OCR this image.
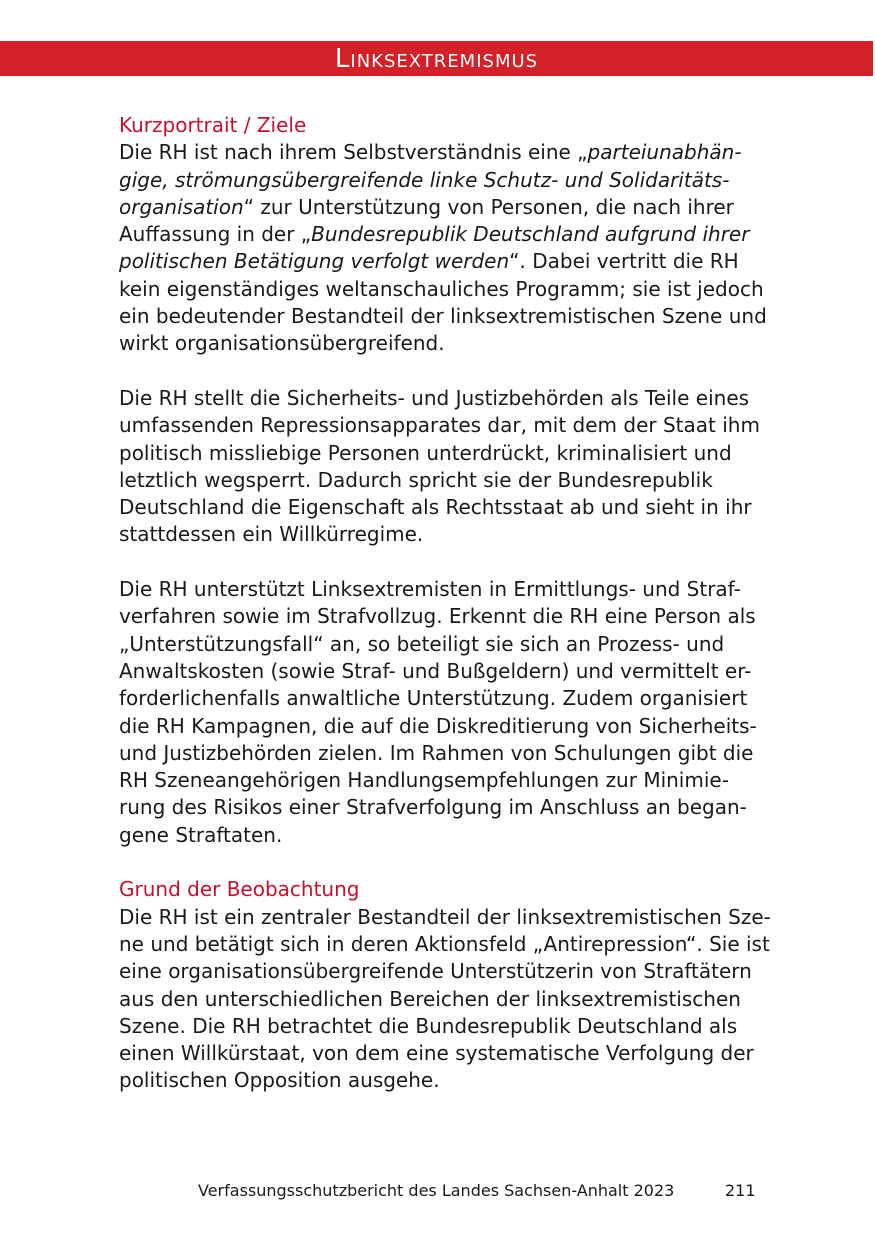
Linksextremismus
Kurzportrait / Ziele

Die RH ist nach ihrem Selbstverständnis eine „parteiunabhän-
gige, strömungsübergreifende linke Schutz- und Solidaritäts-
organisation“ zur Unterstützung von Personen, die nach ihrer
Auffassung in der „Bundesrepublik Deutschland aufgrund ihrer
politischen Betätigung verfolgt werden“. Dabei vertritt die RH
kein eigenständiges weltanschauliches Programm; sie ist jedoch
ein bedeutender Bestandteil der linksextremistischen Szene und
wirkt organisationsübergreifend.

Die RH stellt die Sicherheits- und Justizbehörden als Teile eines
umfassenden Repressionsapparates dar, mit dem der Staat ihm
politisch missliebige Personen unterdrückt, kriminalisiert und
letztlich wegsperrt. Dadurch spricht sie der Bundesrepublik
Deutschland die Eigenschaft als Rechtsstaat ab und sieht in ihr
stattdessen ein Willkürregime.

Die RH unterstützt Linksextremisten in Ermittlungs- und Straf-
verfahren sowie im Strafvollzug. Erkennt die RH eine Person als
„Unterstützungsfall“ an, so beteiligt sie sich an Prozess- und
Anwaltskosten (sowie Straf- und Bußgeldern) und vermittelt er-
forderlichenfalls anwaltliche Unterstützung. Zudem organisiert
die RH Kampagnen, die auf die Diskreditierung von Sicherheits-
und Justizbehörden zielen. Im Rahmen von Schulungen gibt die
RH Szeneangehörigen Handlungsempfehlungen zur Minimie-
rung des Risikos einer Strafverfolgung im Anschluss an began-
gene Straftaten.

Grund der Beobachtung

Die RH ist ein zentraler Bestandteil der linksextremistischen Sze-
ne und betätigt sich in deren Aktionsfeld „Antirepression“. Sie ist
eine organisationsübergreifende Unterstützerin von Straftätern
aus den unterschiedlichen Bereichen der linksextremistischen
Szene. Die RH betrachtet die Bundesrepublik Deutschland als
einen Willkürstaat, von dem eine systematische Verfolgung der
politischen Opposition ausgehe.

Verfassungsschutzbericht des Landes Sachsen-Anhalt 2023	211
